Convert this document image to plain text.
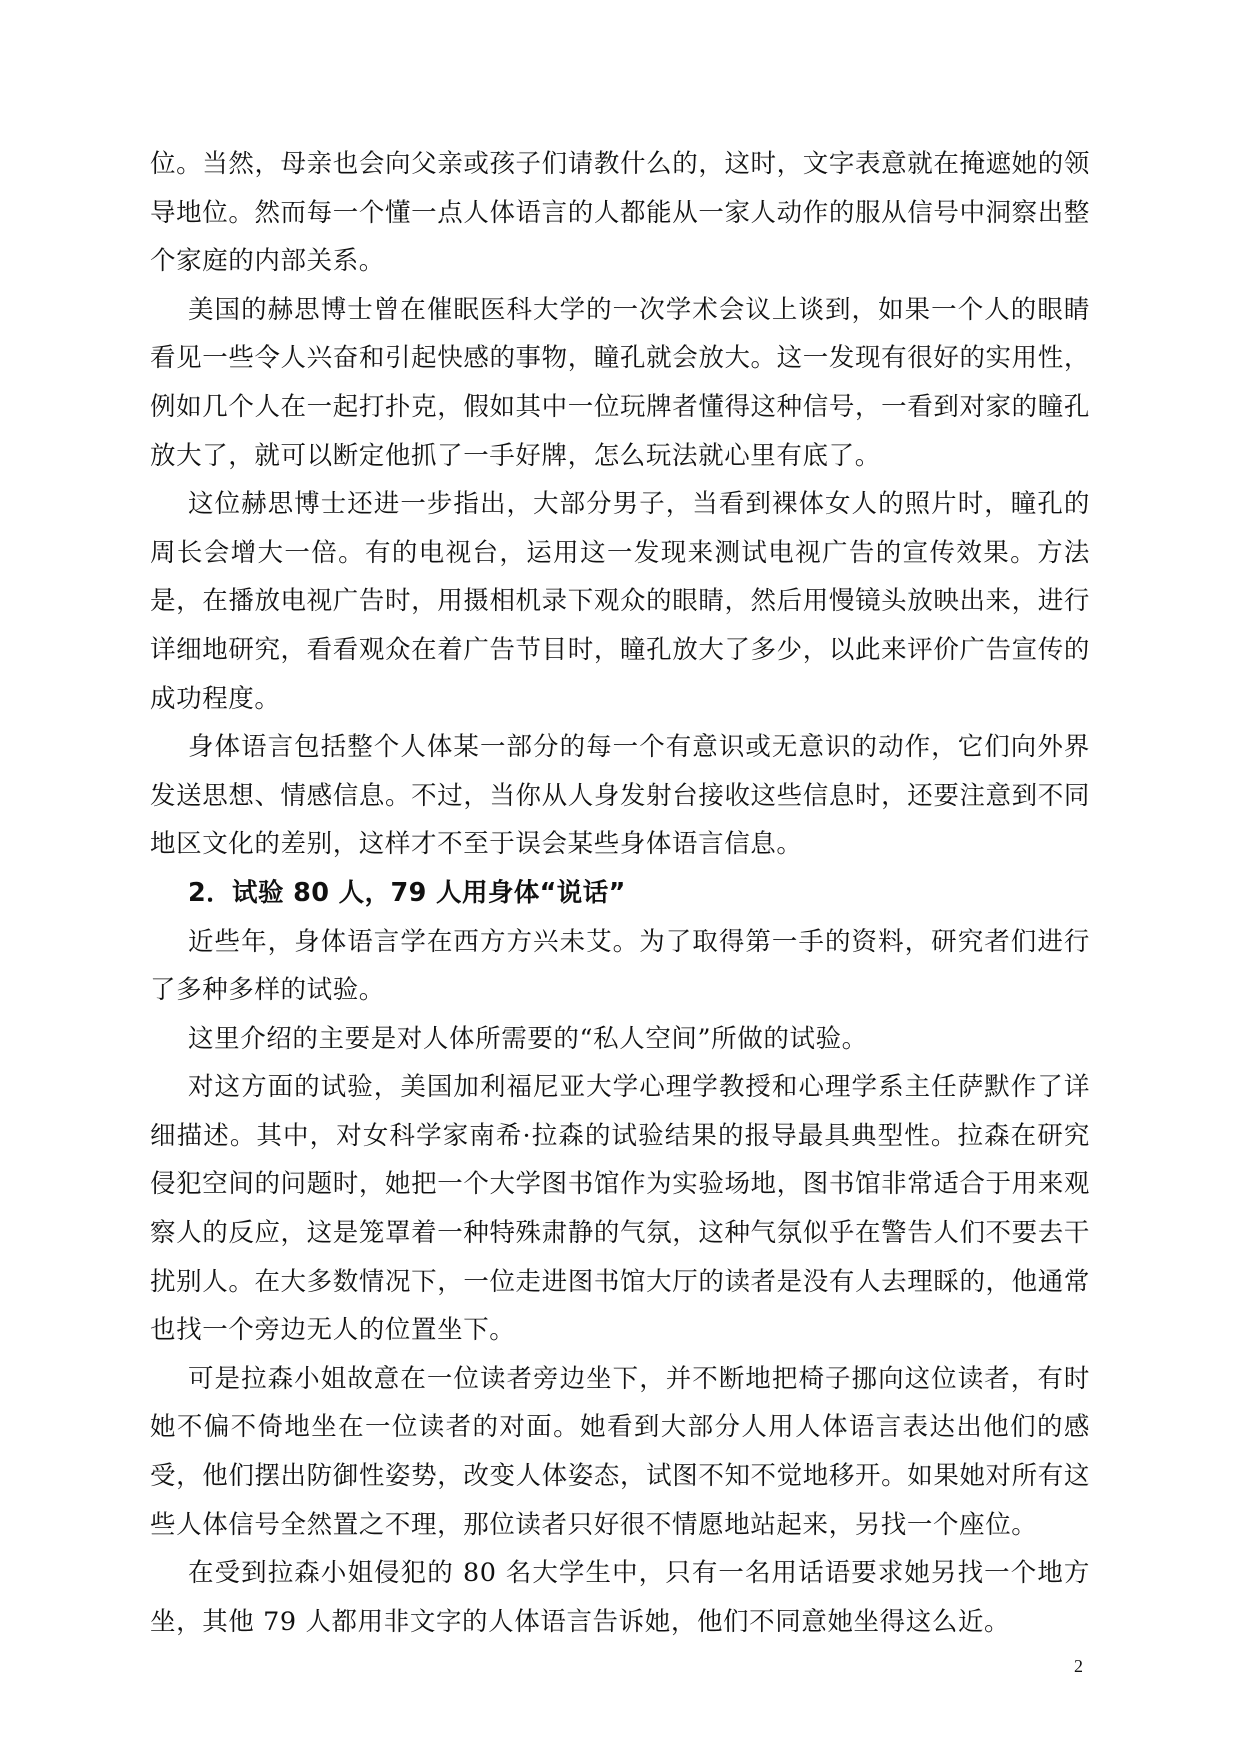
位。当然，母亲也会向父亲或孩子们请教什么的，这时，文字表意就在掩遮她的领导地位。然而每一个懂一点人体语言的人都能从一家人动作的服从信号中洞察出整个家庭的内部关系。

美国的赫思博士曾在催眠医科大学的一次学术会议上谈到，如果一个人的眼睛看见一些令人兴奋和引起快感的事物，瞳孔就会放大。这一发现有很好的实用性，例如几个人在一起打扑克，假如其中一位玩牌者懂得这种信号，一看到对家的瞳孔放大了，就可以断定他抓了一手好牌，怎么玩法就心里有底了。

这位赫思博士还进一步指出，大部分男子，当看到裸体女人的照片时，瞳孔的周长会增大一倍。有的电视台，运用这一发现来测试电视广告的宣传效果。方法是，在播放电视广告时，用摄相机录下观众的眼睛，然后用慢镜头放映出来，进行详细地研究，看看观众在着广告节目时，瞳孔放大了多少，以此来评价广告宣传的成功程度。

身体语言包括整个人体某一部分的每一个有意识或无意识的动作，它们向外界发送思想、情感信息。不过，当你从人身发射台接收这些信息时，还要注意到不同地区文化的差别，这样才不至于误会某些身体语言信息。

2．试验 80 人，79 人用身体“说话”

近些年，身体语言学在西方方兴未艾。为了取得第一手的资料，研究者们进行了多种多样的试验。

这里介绍的主要是对人体所需要的“私人空间”所做的试验。

对这方面的试验，美国加利福尼亚大学心理学教授和心理学系主任萨默作了详细描述。其中，对女科学家南希·拉森的试验结果的报导最具典型性。拉森在研究侵犯空间的问题时，她把一个大学图书馆作为实验场地，图书馆非常适合于用来观察人的反应，这是笼罩着一种特殊肃静的气氛，这种气氛似乎在警告人们不要去干扰别人。在大多数情况下，一位走进图书馆大厅的读者是没有人去理睬的，他通常也找一个旁边无人的位置坐下。

可是拉森小姐故意在一位读者旁边坐下，并不断地把椅子挪向这位读者，有时她不偏不倚地坐在一位读者的对面。她看到大部分人用人体语言表达出他们的感受，他们摆出防御性姿势，改变人体姿态，试图不知不觉地移开。如果她对所有这些人体信号全然置之不理，那位读者只好很不情愿地站起来，另找一个座位。

在受到拉森小姐侵犯的 80 名大学生中，只有一名用话语要求她另找一个地方坐，其他 79 人都用非文字的人体语言告诉她，他们不同意她坐得这么近。

2
